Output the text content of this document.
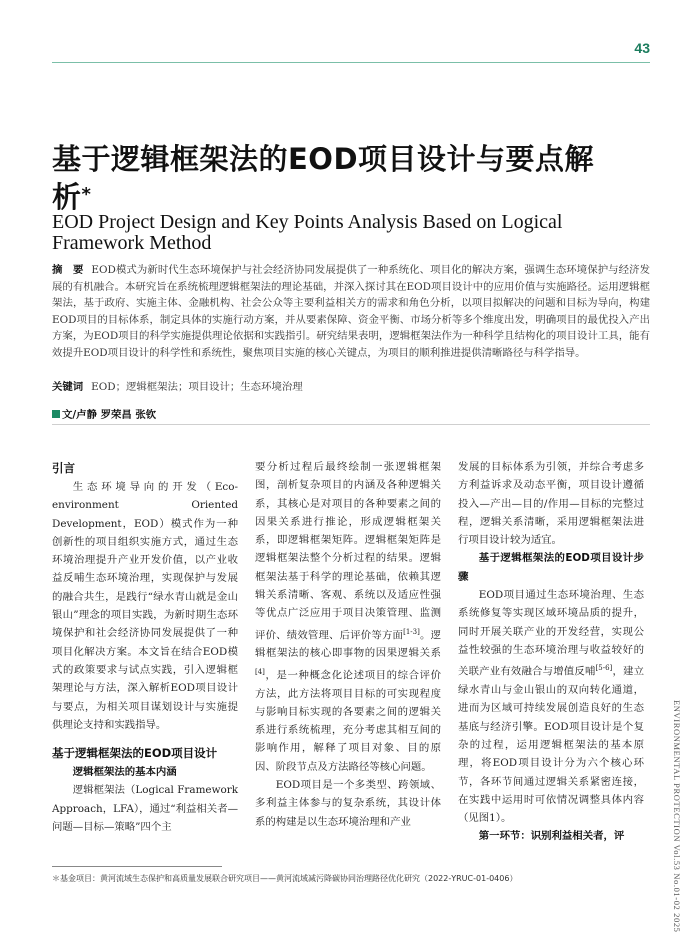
43
基于逻辑框架法的EOD项目设计与要点解析*
EOD Project Design and Key Points Analysis Based on Logical Framework Method
摘　要 EOD模式为新时代生态环境保护与社会经济协同发展提供了一种系统化、项目化的解决方案，强调生态环境保护与经济发展的有机融合。本研究旨在系统梳理逻辑框架法的理论基础，并深入探讨其在EOD项目设计中的应用价值与实施路径。运用逻辑框架法，基于政府、实施主体、金融机构、社会公众等主要利益相关方的需求和角色分析，以项目拟解决的问题和目标为导向，构建EOD项目的目标体系，制定具体的实施行动方案，并从要素保障、资金平衡、市场分析等多个维度出发，明确项目的最优投入产出方案，为EOD项目的科学实施提供理论依据和实践指引。研究结果表明，逻辑框架法作为一种科学且结构化的项目设计工具，能有效提升EOD项目设计的科学性和系统性，聚焦项目实施的核心关键点，为项目的顺利推进提供清晰路径与科学指导。
关键词 EOD；逻辑框架法；项目设计；生态环境治理
文/卢静 罗荣昌 张钦

引言

生态环境导向的开发（Eco-environment Oriented Development，EOD）模式作为一种创新性的项目组织实施方式，通过生态环境治理提升产业开发价值，以产业收益反哺生态环境治理，实现保护与发展的融合共生，是践行“绿水青山就是金山银山”理念的项目实践，为新时期生态环境保护和社会经济协同发展提供了一种项目化解决方案。本文旨在结合EOD模式的政策要求与试点实践，引入逻辑框架理论与方法，深入解析EOD项目设计与要点，为相关项目谋划设计与实施提供理论支持和实践指导。

基于逻辑框架法的EOD项目设计

逻辑框架法的基本内涵

逻辑框架法（Logical Framework Approach，LFA），通过“利益相关者—问题—目标—策略”四个主

要分析过程后最终绘制一张逻辑框架图，剖析复杂项目的内涵及各种逻辑关系，其核心是对项目的各种要素之间的因果关系进行推论，形成逻辑框架关系，即逻辑框架矩阵。逻辑框架矩阵是逻辑框架法整个分析过程的结果。逻辑框架法基于科学的理论基础，依赖其逻辑关系清晰、客观、系统以及适应性强等优点广泛应用于项目决策管理、监测评价、绩效管理、后评价等方面[1-3]。逻辑框架法的核心即事物的因果逻辑关系[4]，是一种概念化论述项目的综合评价方法，此方法将项目目标的可实现程度与影响目标实现的各要素之间的逻辑关系进行系统梳理，充分考虑其相互间的影响作用，解释了项目对象、目的原因、阶段节点及方法路径等核心问题。

EOD项目是一个多类型、跨领域、多利益主体参与的复杂系统，其设计体系的构建是以生态环境治理和产业

发展的目标体系为引领，并综合考虑多方利益诉求及动态平衡，项目设计遵循投入—产出—目的/作用—目标的完整过程，逻辑关系清晰，采用逻辑框架法进行项目设计较为适宜。

基于逻辑框架法的EOD项目设计步骤

EOD项目通过生态环境治理、生态系统修复等实现区域环境品质的提升，同时开展关联产业的开发经营，实现公益性较强的生态环境治理与收益较好的关联产业有效融合与增值反哺[5-6]，建立绿水青山与金山银山的双向转化通道，进而为区域可持续发展创造良好的生态基底与经济引擎。EOD项目设计是个复杂的过程，运用逻辑框架法的基本原理，将EOD项目设计分为六个核心环节，各环节间通过逻辑关系紧密连接，在实践中运用时可依情况调整具体内容（见图1）。

第一环节：识别利益相关者，评	ENVIRONMENTAL PROTECTION Vol.53 No.01-02 2025
＊基金项目：黄河流域生态保护和高质量发展联合研究项目——黄河流域减污降碳协同治理路径优化研究（2022-YRUC-01-0406）
